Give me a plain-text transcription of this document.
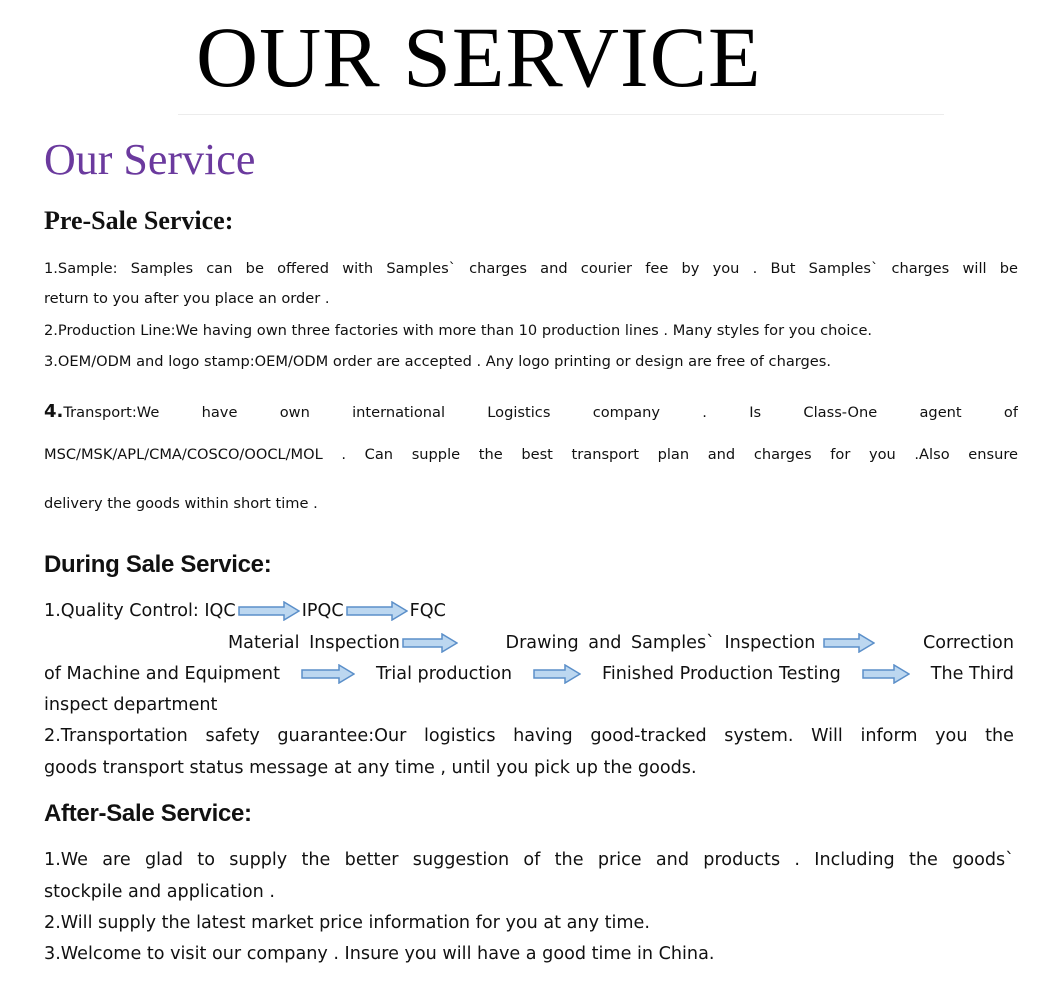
OUR SERVICE
Our Service
Pre-Sale Service:
1.Sample: Samples can be offered with Samples` charges and courier fee by you . But Samples` charges will be
return to you after you place an order .
2.Production Line:We having own three factories with more than 10 production lines . Many styles for you choice.
3.OEM/ODM and logo stamp:OEM/ODM order are accepted . Any logo printing or design are free of charges.
4. Transport:We have own international Logistics company . Is Class-One agent of
MSC/MSK/APL/CMA/COSCO/OOCL/MOL . Can supple the best transport plan and charges for you .Also ensure
delivery the goods within short time .
During Sale Service:
1.Quality Control: IQC	IPQC	FQC
Material Inspection	Drawing and Samples` Inspection	Correction
of Machine and Equipment	Trial production	Finished Production Testing	The Third
inspect department
2.Transportation safety guarantee:Our logistics having good-tracked system. Will inform you the
goods transport status message at any time , until you pick up the goods.
After-Sale Service:
1.We are glad to supply the better suggestion of the price and products . Including the goods`
stockpile and application .
2.Will supply the latest market price information for you at any time.
3.Welcome to visit our company . Insure you will have a good time in China.
